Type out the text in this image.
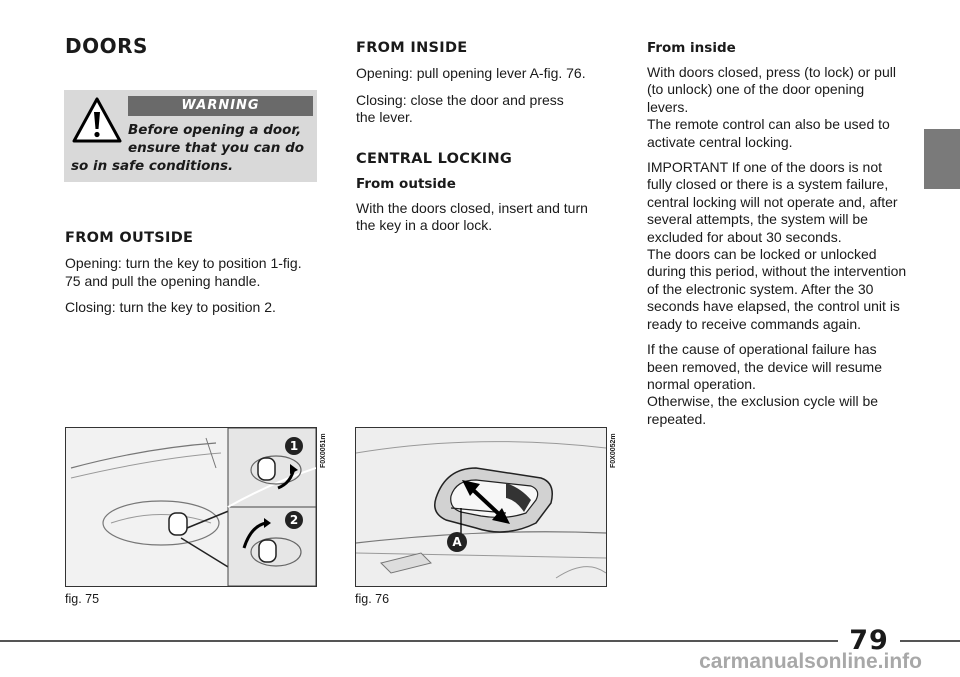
DOORS
WARNING
Before opening a door,
ensure that you can do
so in safe conditions.
FROM OUTSIDE

Opening: turn the key to position 1-fig. 75 and pull the opening handle.

Closing: turn the key to position 2.

FROM INSIDE

Opening: pull opening lever A-fig. 76.

Closing: close the door and press the lever.

CENTRAL LOCKING
From outside

With the doors closed, insert and turn the key in a door lock.

From inside

With doors closed, press (to lock) or pull (to unlock) one of the door opening levers.

The remote control can also be used to activate central locking.

IMPORTANT If one of the doors is not fully closed or there is a system failure, central locking will not operate and, after several attempts, the system will be excluded for about 30 seconds.

The doors can be locked or unlocked during this period, without the intervention of the electronic system. After the 30 seconds have elapsed, the control unit is ready to receive commands again.

If the cause of operational failure has been removed, the device will resume normal operation.

Otherwise, the exclusion cycle will be repeated.

1
2
F0X0051m
fig. 75
A
F0X0052m
fig. 76
79
carmanualsonline.info
